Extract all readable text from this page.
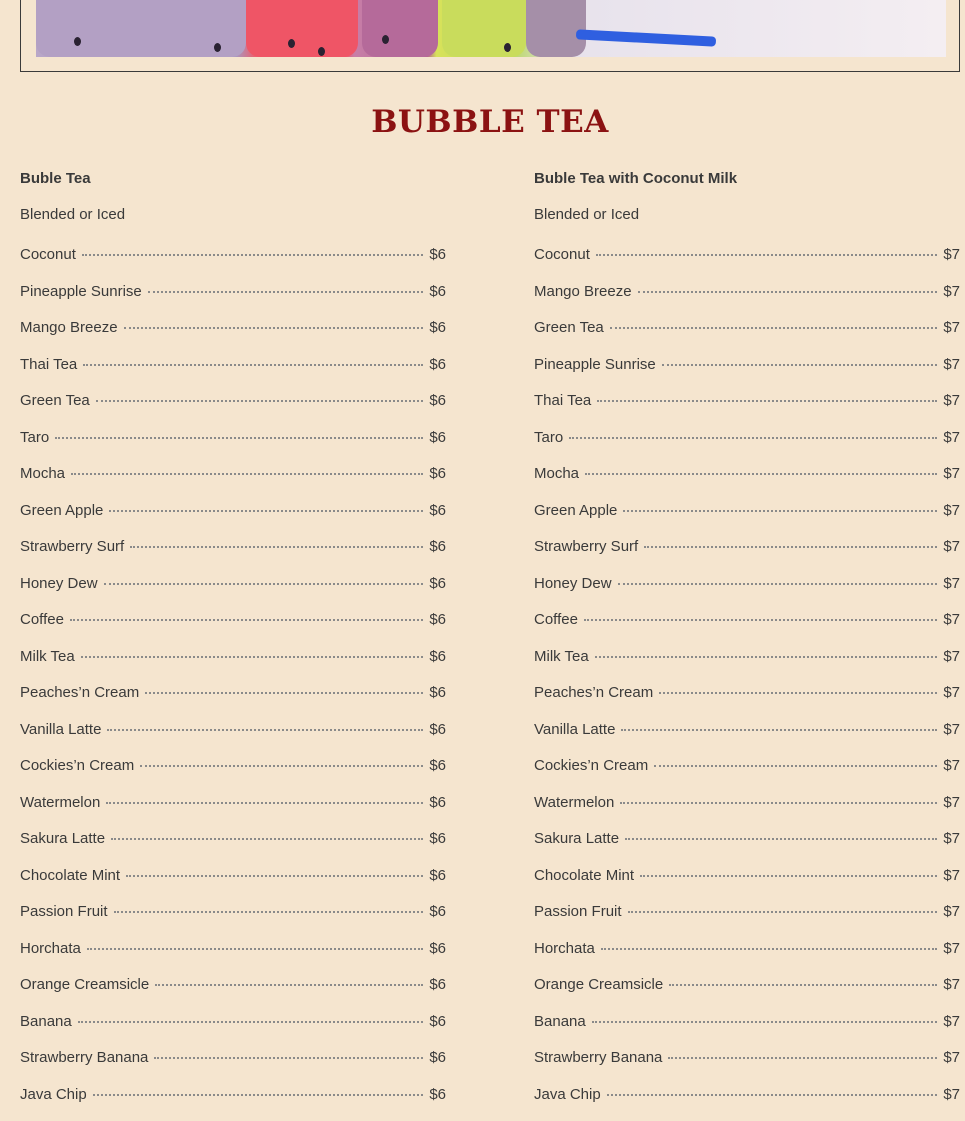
BUBBLE TEA
Buble Tea
Blended or Iced
Coconut	$6
Pineapple Sunrise	$6
Mango Breeze	$6
Thai Tea	$6
Green Tea	$6
Taro	$6
Mocha	$6
Green Apple	$6
Strawberry Surf	$6
Honey Dew	$6
Coffee	$6
Milk Tea	$6
Peaches’n Cream	$6
Vanilla Latte	$6
Cockies’n Cream	$6
Watermelon	$6
Sakura Latte	$6
Chocolate Mint	$6
Passion Fruit	$6
Horchata	$6
Orange Creamsicle	$6
Banana	$6
Strawberry Banana	$6
Java Chip	$6
Buble Tea with Coconut Milk
Blended or Iced
Coconut	$7
Mango Breeze	$7
Green Tea	$7
Pineapple Sunrise	$7
Thai Tea	$7
Taro	$7
Mocha	$7
Green Apple	$7
Strawberry Surf	$7
Honey Dew	$7
Coffee	$7
Milk Tea	$7
Peaches’n Cream	$7
Vanilla Latte	$7
Cockies’n Cream	$7
Watermelon	$7
Sakura Latte	$7
Chocolate Mint	$7
Passion Fruit	$7
Horchata	$7
Orange Creamsicle	$7
Banana	$7
Strawberry Banana	$7
Java Chip	$7
